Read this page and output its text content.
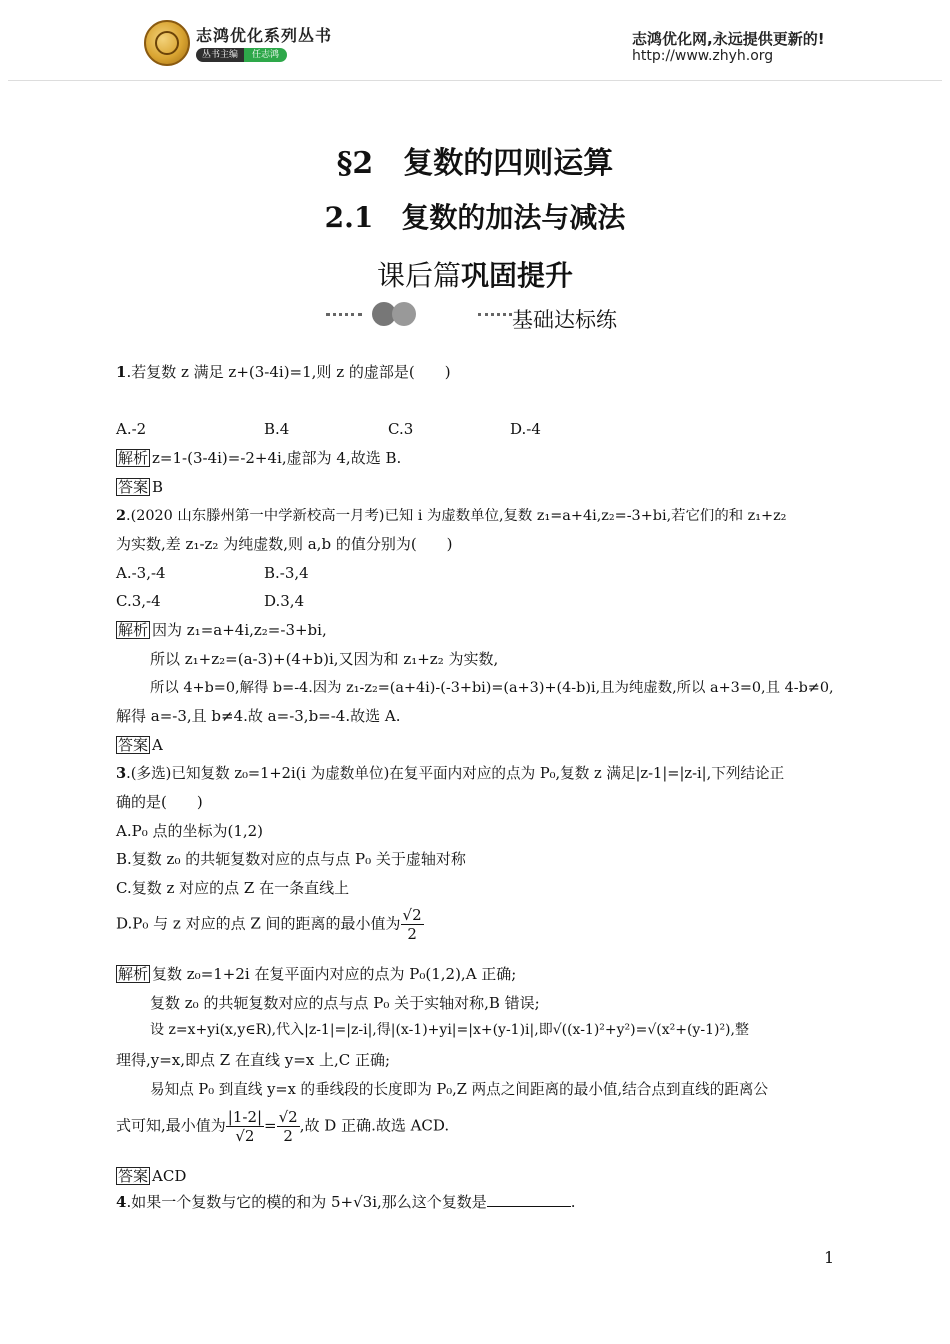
志鸿优化系列丛书
丛书主编	任志鸿
志鸿优化网,永远提供更新的!
http://www.zhyh.org
§2　复数的四则运算
2.1　复数的加法与减法
课后篇巩固提升
基础达标练
1.若复数 z 满足 z+(3-4i)=1,则 z 的虚部是(　　)
A.-2	B.4	C.3	D.-4
解析 z=1-(3-4i)=-2+4i,虚部为 4,故选 B.
答案 B
2.(2020 山东滕州第一中学新校高一月考)已知 i 为虚数单位,复数 z₁=a+4i,z₂=-3+bi,若它们的和 z₁+z₂
为实数,差 z₁-z₂ 为纯虚数,则 a,b 的值分别为(　　)
A.-3,-4	B.-3,4
C.3,-4	D.3,4
解析 因为 z₁=a+4i,z₂=-3+bi,
所以 z₁+z₂=(a-3)+(4+b)i,又因为和 z₁+z₂ 为实数,
所以 4+b=0,解得 b=-4.因为 z₁-z₂=(a+4i)-(-3+bi)=(a+3)+(4-b)i,且为纯虚数,所以 a+3=0,且 4-b≠0,
解得 a=-3,且 b≠4.故 a=-3,b=-4.故选 A.
答案 A
3.(多选)已知复数 z₀=1+2i(i 为虚数单位)在复平面内对应的点为 P₀,复数 z 满足|z-1|=|z-i|,下列结论正
确的是(　　)
A.P₀ 点的坐标为(1,2)
B.复数 z₀ 的共轭复数对应的点与点 P₀ 关于虚轴对称
C.复数 z 对应的点 Z 在一条直线上
D.P₀ 与 z 对应的点 Z 间的距离的最小值为 $\frac{√2}{2}$
解析 复数 z₀=1+2i 在复平面内对应的点为 P₀(1,2),A 正确;
复数 z₀ 的共轭复数对应的点与点 P₀ 关于实轴对称,B 错误;
设 z=x+yi(x,y∈R),代入|z-1|=|z-i|,得|(x-1)+yi|=|x+(y-1)i|,即√((x-1)²+y²)=√(x²+(y-1)²),整
理得,y=x,即点 Z 在直线 y=x 上,C 正确;
易知点 P₀ 到直线 y=x 的垂线段的长度即为 P₀,Z 两点之间距离的最小值,结合点到直线的距离公
式可知,最小值为 $\frac{|1-2|}{√2} = \frac{√2}{2}$ ,故 D 正确.故选 ACD.
答案 ACD
4.如果一个复数与它的模的和为 5+√3i,那么这个复数是	.
1
